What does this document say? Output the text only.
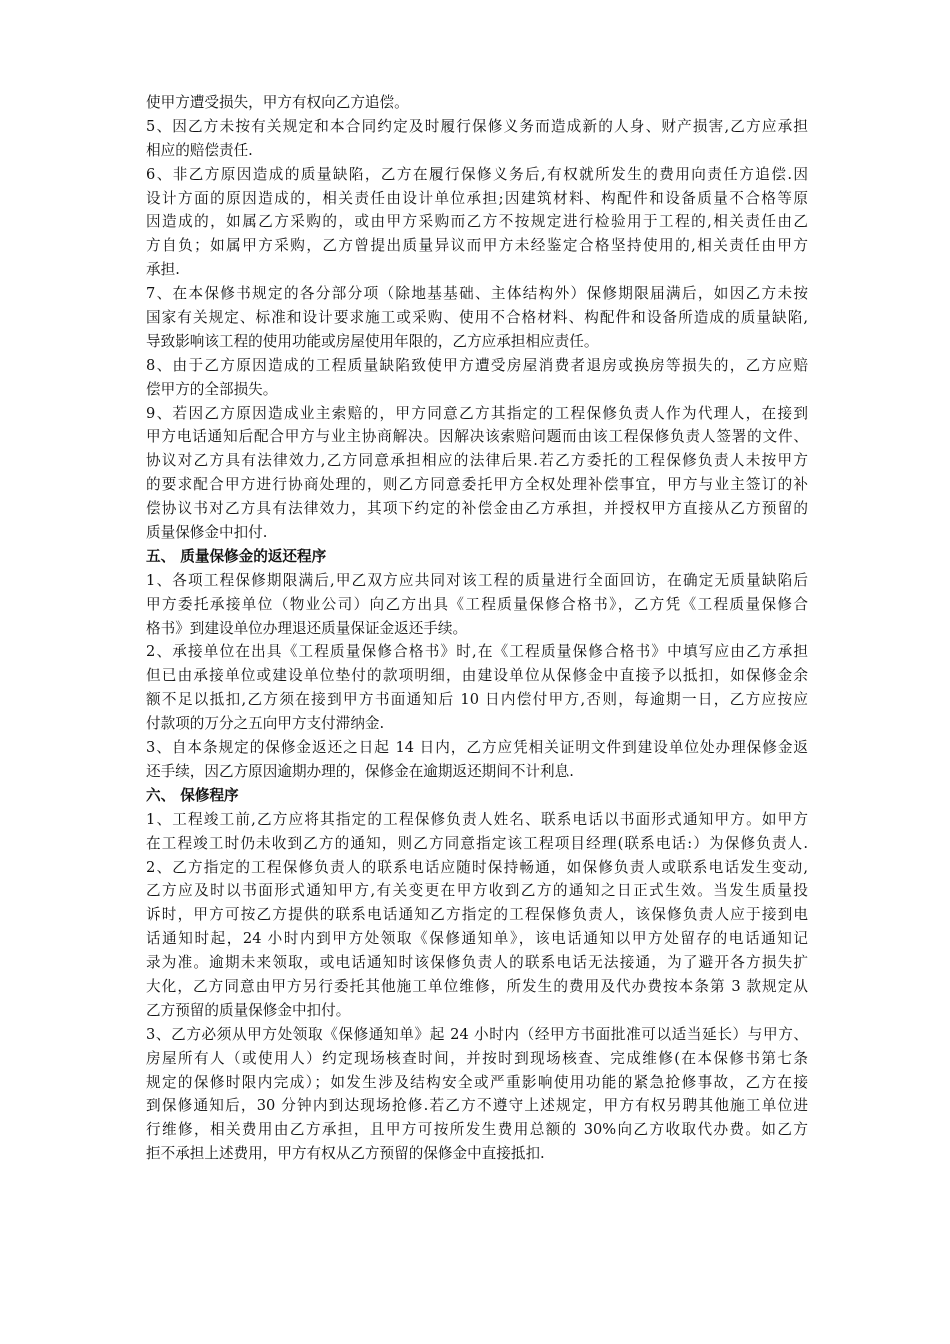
使甲方遭受损失，甲方有权向乙方追偿。
5、因乙方未按有关规定和本合同约定及时履行保修义务而造成新的人身、财产损害,乙方应承担
相应的赔偿责任.
6、非乙方原因造成的质量缺陷，乙方在履行保修义务后,有权就所发生的费用向责任方追偿.因
设计方面的原因造成的，相关责任由设计单位承担;因建筑材料、构配件和设备质量不合格等原
因造成的，如属乙方采购的，或由甲方采购而乙方不按规定进行检验用于工程的,相关责任由乙
方自负；如属甲方采购，乙方曾提出质量异议而甲方未经鉴定合格坚持使用的,相关责任由甲方
承担.
7、在本保修书规定的各分部分项（除地基基础、主体结构外）保修期限届满后，如因乙方未按
国家有关规定、标准和设计要求施工或采购、使用不合格材料、构配件和设备所造成的质量缺陷,
导致影响该工程的使用功能或房屋使用年限的，乙方应承担相应责任。
8、由于乙方原因造成的工程质量缺陷致使甲方遭受房屋消费者退房或换房等损失的，乙方应赔
偿甲方的全部损失。
9、若因乙方原因造成业主索赔的，甲方同意乙方其指定的工程保修负责人作为代理人，在接到
甲方电话通知后配合甲方与业主协商解决。因解决该索赔问题而由该工程保修负责人签署的文件、
协议对乙方具有法律效力,乙方同意承担相应的法律后果.若乙方委托的工程保修负责人未按甲方
的要求配合甲方进行协商处理的，则乙方同意委托甲方全权处理补偿事宜，甲方与业主签订的补
偿协议书对乙方具有法律效力，其项下约定的补偿金由乙方承担，并授权甲方直接从乙方预留的
质量保修金中扣付.
五、 质量保修金的返还程序
1、各项工程保修期限满后,甲乙双方应共同对该工程的质量进行全面回访，在确定无质量缺陷后
甲方委托承接单位（物业公司）向乙方出具《工程质量保修合格书》，乙方凭《工程质量保修合
格书》到建设单位办理退还质量保证金返还手续。
2、承接单位在出具《工程质量保修合格书》时,在《工程质量保修合格书》中填写应由乙方承担
但已由承接单位或建设单位垫付的款项明细，由建设单位从保修金中直接予以抵扣，如保修金余
额不足以抵扣,乙方须在接到甲方书面通知后 10 日内偿付甲方,否则，每逾期一日，乙方应按应
付款项的万分之五向甲方支付滞纳金.
3、自本条规定的保修金返还之日起 14 日内，乙方应凭相关证明文件到建设单位处办理保修金返
还手续，因乙方原因逾期办理的，保修金在逾期返还期间不计利息.
六、 保修程序
1、工程竣工前,乙方应将其指定的工程保修负责人姓名、联系电话以书面形式通知甲方。如甲方
在工程竣工时仍未收到乙方的通知，则乙方同意指定该工程项目经理(联系电话:）为保修负责人.
2、乙方指定的工程保修负责人的联系电话应随时保持畅通，如保修负责人或联系电话发生变动,
乙方应及时以书面形式通知甲方,有关变更在甲方收到乙方的通知之日正式生效。当发生质量投
诉时，甲方可按乙方提供的联系电话通知乙方指定的工程保修负责人，该保修负责人应于接到电
话通知时起，24 小时内到甲方处领取《保修通知单》，该电话通知以甲方处留存的电话通知记
录为准。逾期未来领取，或电话通知时该保修负责人的联系电话无法接通，为了避开各方损失扩
大化，乙方同意由甲方另行委托其他施工单位维修，所发生的费用及代办费按本条第 3 款规定从
乙方预留的质量保修金中扣付。
3、乙方必须从甲方处领取《保修通知单》起 24 小时内（经甲方书面批准可以适当延长）与甲方、
房屋所有人（或使用人）约定现场核查时间，并按时到现场核查、完成维修(在本保修书第七条
规定的保修时限内完成）；如发生涉及结构安全或严重影响使用功能的紧急抢修事故，乙方在接
到保修通知后，30 分钟内到达现场抢修.若乙方不遵守上述规定，甲方有权另聘其他施工单位进
行维修，相关费用由乙方承担，且甲方可按所发生费用总额的 30%向乙方收取代办费。如乙方
拒不承担上述费用，甲方有权从乙方预留的保修金中直接抵扣.
